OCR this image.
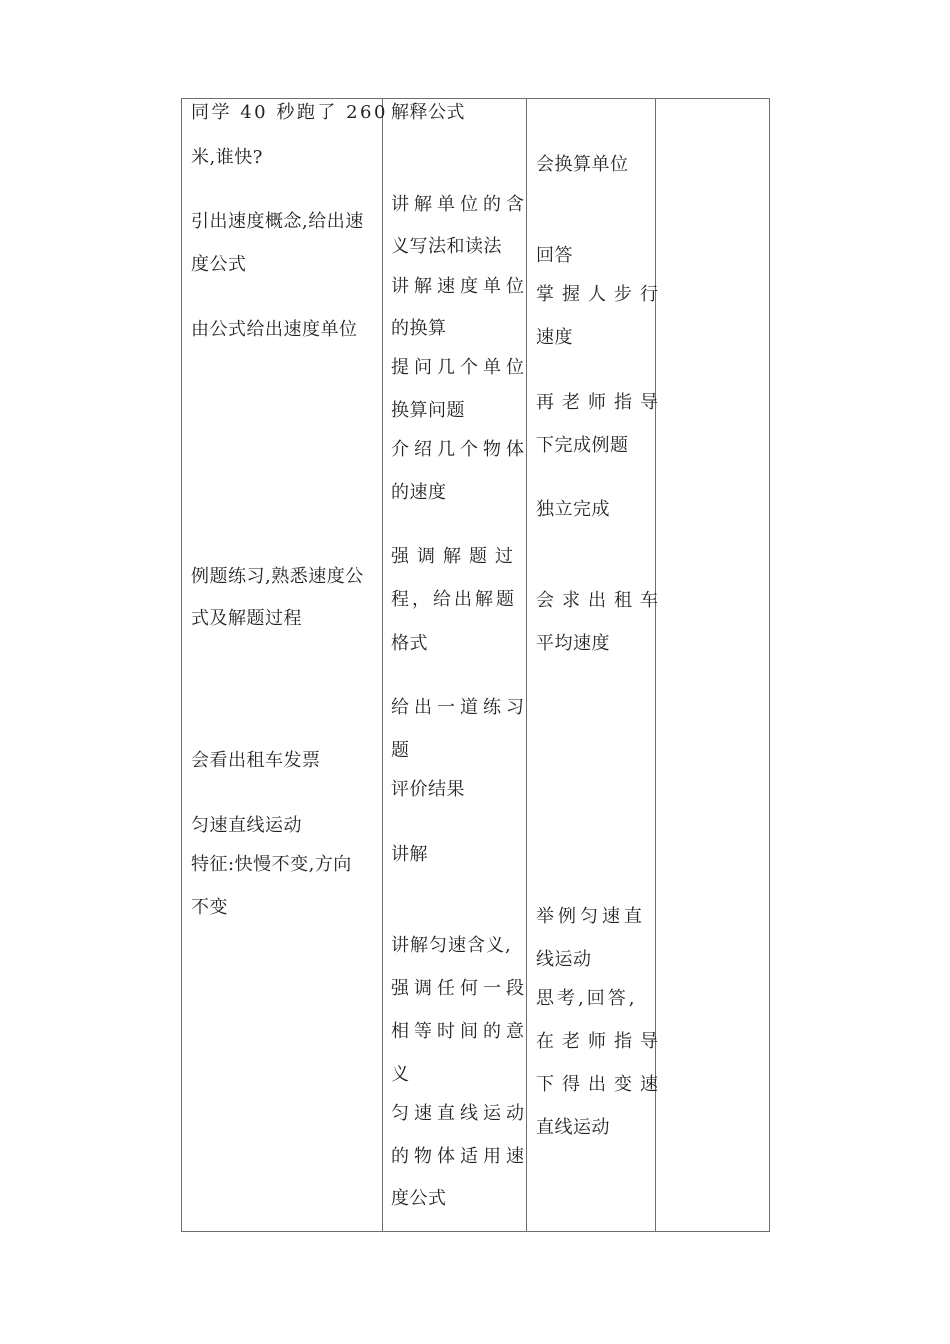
同学 40 秒跑了 260
米,谁快?
引出速度概念,给出速
度公式
由公式给出速度单位
例题练习,熟悉速度公
式及解题过程
会看出租车发票
匀速直线运动
特征:快慢不变,方向
不变
解释公式
讲解单位的含
义写法和读法
讲解速度单位
的换算
提问几个单位
换算问题
介绍几个物体
的速度
强调解题过
程，给出解题
格式
给出一道练习
题
评价结果
讲解
讲解匀速含义,
强调任何一段
相等时间的意
义
匀速直线运动
的物体适用速
度公式
会换算单位
回答
掌握人步行
速度
再老师指导
下完成例题
独立完成
会求出租车
平均速度
举例匀速直
线运动
思考,回答,
在老师指导
下得出变速
直线运动
